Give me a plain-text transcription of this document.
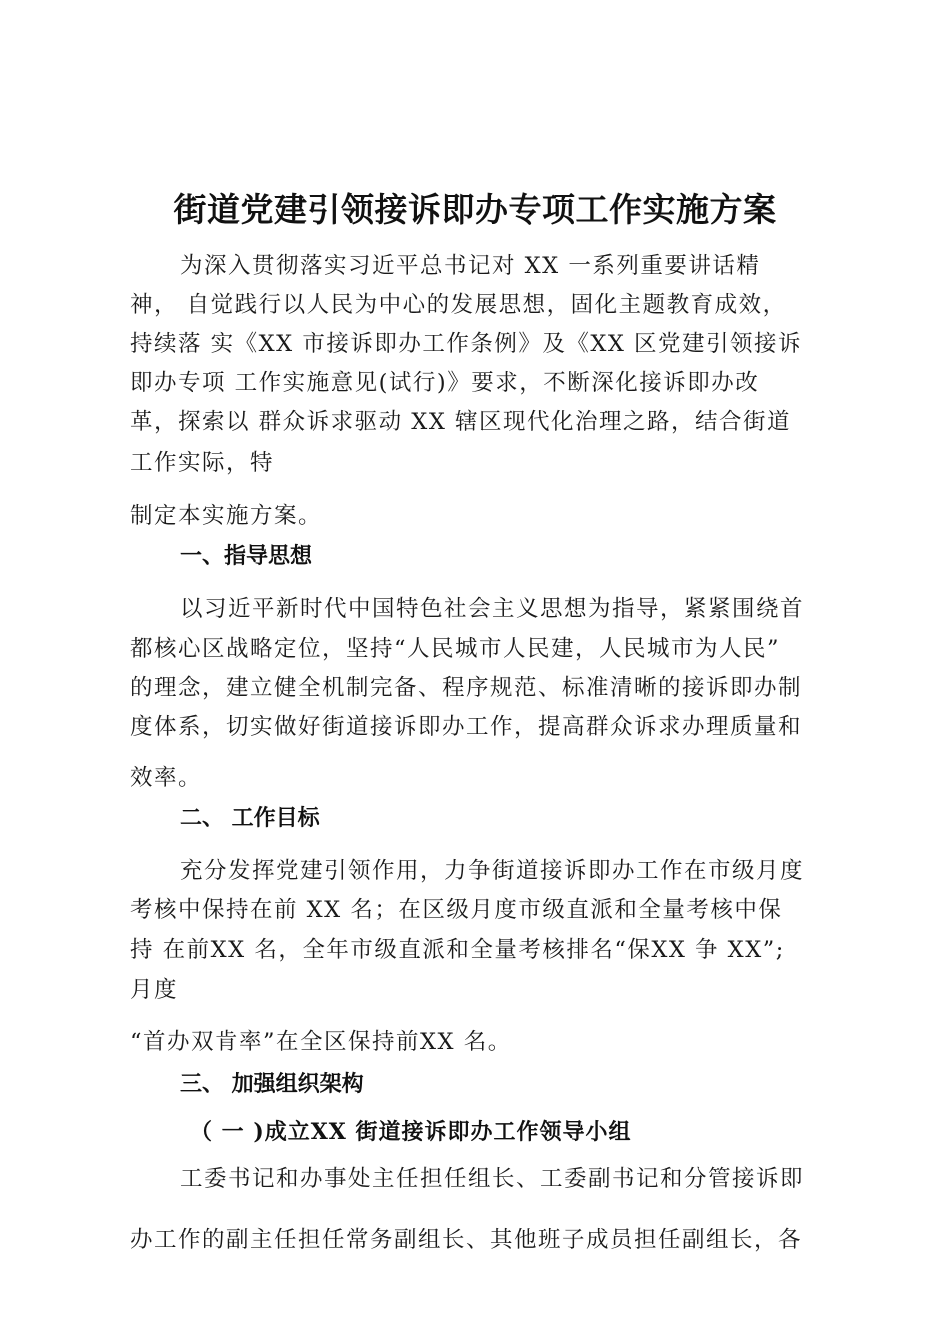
街道党建引领接诉即办专项工作实施方案
为深入贯彻落实习近平总书记对 XX 一系列重要讲话精
神， 自觉践行以人民为中心的发展思想，固化主题教育成效，
持续落 实《XX 市接诉即办工作条例》及《XX 区党建引领接诉
即办专项 工作实施意见(试行)》要求，不断深化接诉即办改
革，探索以 群众诉求驱动 XX 辖区现代化治理之路，结合街道
工作实际，特
制定本实施方案。
一、指导思想
以习近平新时代中国特色社会主义思想为指导，紧紧围绕首
都核心区战略定位，坚持“人民城市人民建，人民城市为人民”
的理念，建立健全机制完备、程序规范、标准清晰的接诉即办制
度体系，切实做好街道接诉即办工作，提高群众诉求办理质量和
效率。
二、 工作目标
充分发挥党建引领作用，力争街道接诉即办工作在市级月度
考核中保持在前 XX 名；在区级月度市级直派和全量考核中保
持 在前XX 名，全年市级直派和全量考核排名“保XX 争 XX”;
月度
“首办双肯率”在全区保持前XX 名。
三、 加强组织架构
（ 一 )成立XX 街道接诉即办工作领导小组
工委书记和办事处主任担任组长、工委副书记和分管接诉即
办工作的副主任担任常务副组长、其他班子成员担任副组长，各
